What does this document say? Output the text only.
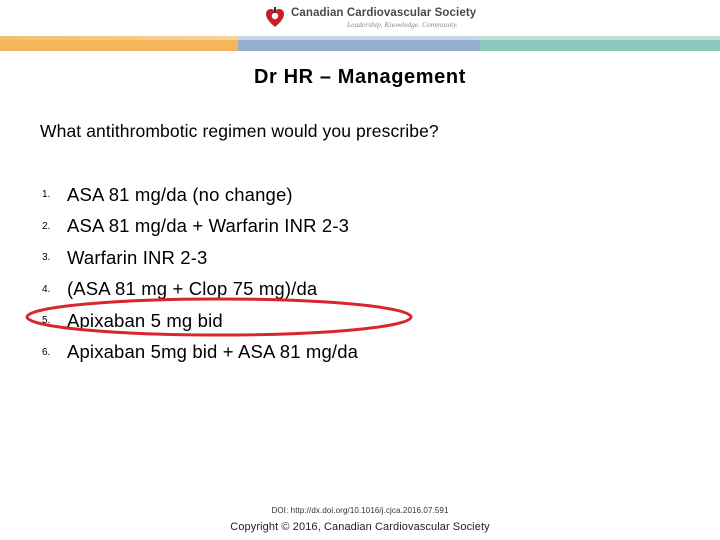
Canadian Cardiovascular Society
Leadership. Knowledge. Community.
Dr HR – Management
What antithrombotic regimen would you prescribe?
1. ASA 81 mg/da (no change)
2. ASA 81 mg/da + Warfarin INR 2-3
3. Warfarin INR 2-3
4. (ASA 81 mg + Clop 75 mg)/da
5. Apixaban 5 mg bid
6. Apixaban 5mg bid + ASA 81 mg/da
DOI: http://dx.doi.org/10.1016/j.cjca.2016.07.591
Copyright © 2016, Canadian Cardiovascular Society
